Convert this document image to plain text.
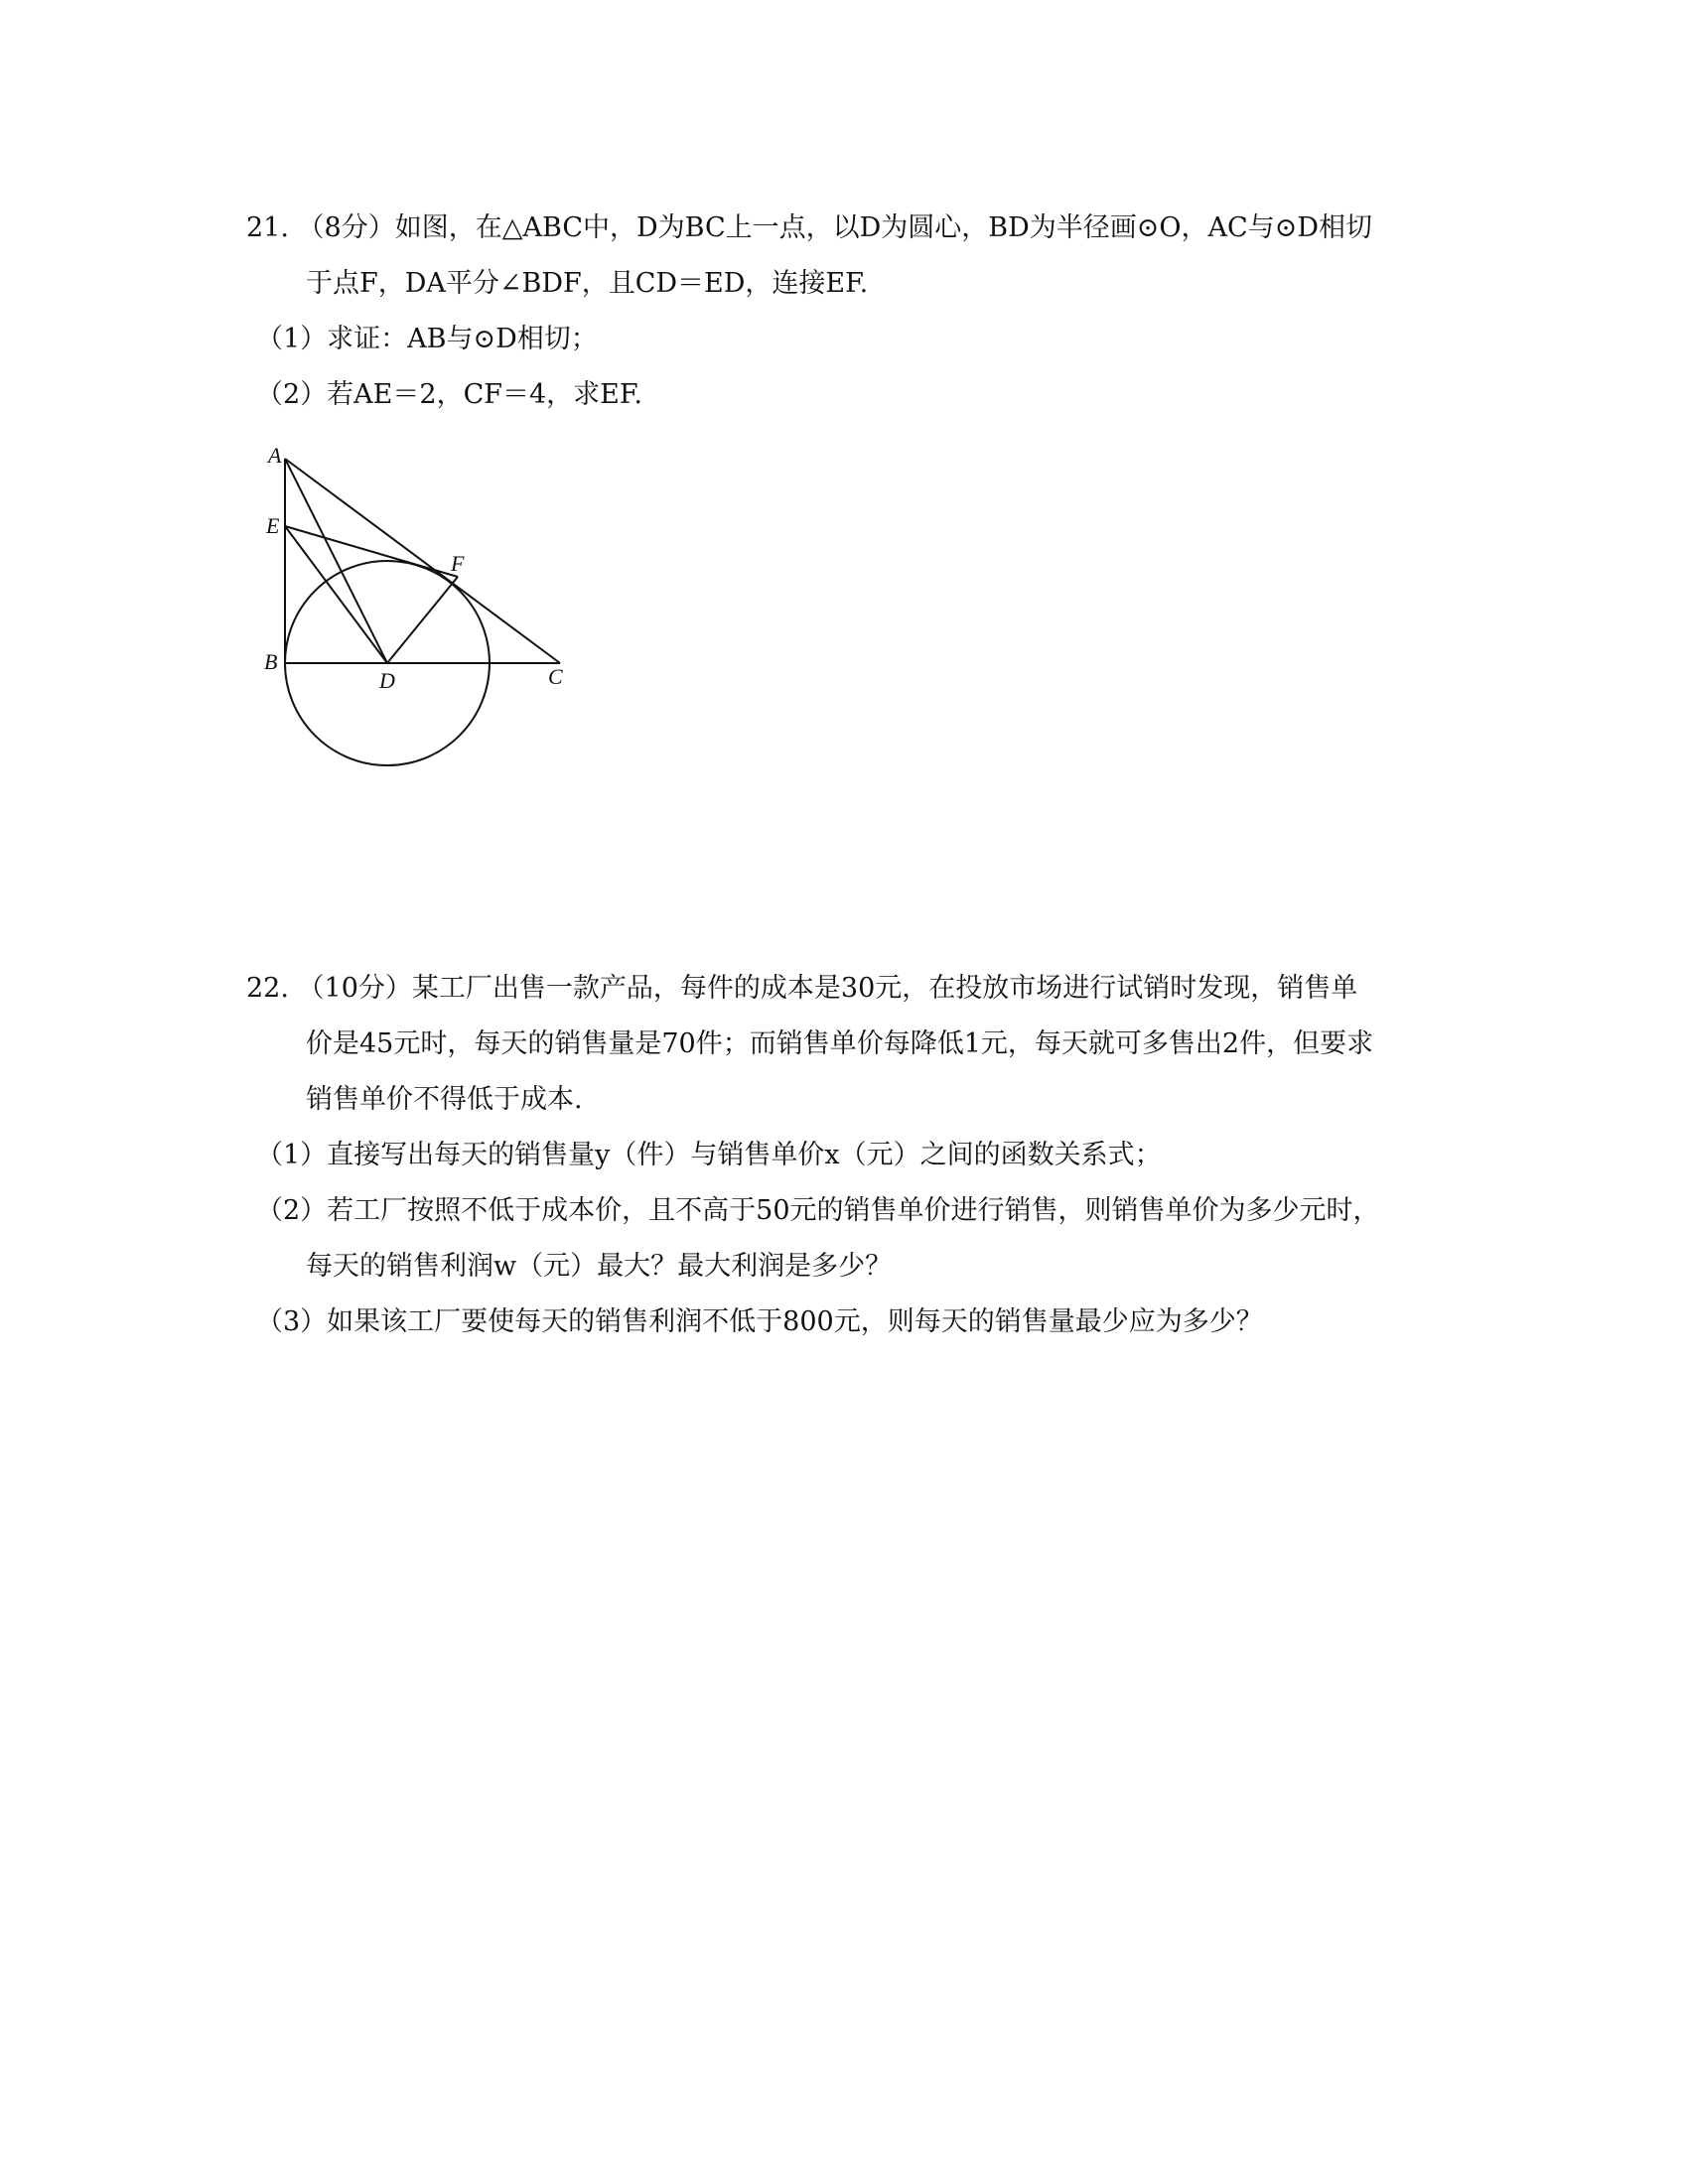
21. （8分）如图，在△ABC中，D为BC上一点，以D为圆心，BD为半径画⊙O，AC与⊙D相切
于点F，DA平分∠BDF，且CD＝ED，连接EF.
（1）求证：AB与⊙D相切；
（2）若AE＝2，CF＝4，求EF.
A
E
F
B
D	C
22. （10分）某工厂出售一款产品，每件的成本是30元，在投放市场进行试销时发现，销售单
价是45元时，每天的销售量是70件；而销售单价每降低1元，每天就可多售出2件，但要求
销售单价不得低于成本.
（1）直接写出每天的销售量y（件）与销售单价x（元）之间的函数关系式；
（2）若工厂按照不低于成本价，且不高于50元的销售单价进行销售，则销售单价为多少元时，
每天的销售利润w（元）最大？最大利润是多少？
（3）如果该工厂要使每天的销售利润不低于800元，则每天的销售量最少应为多少？
